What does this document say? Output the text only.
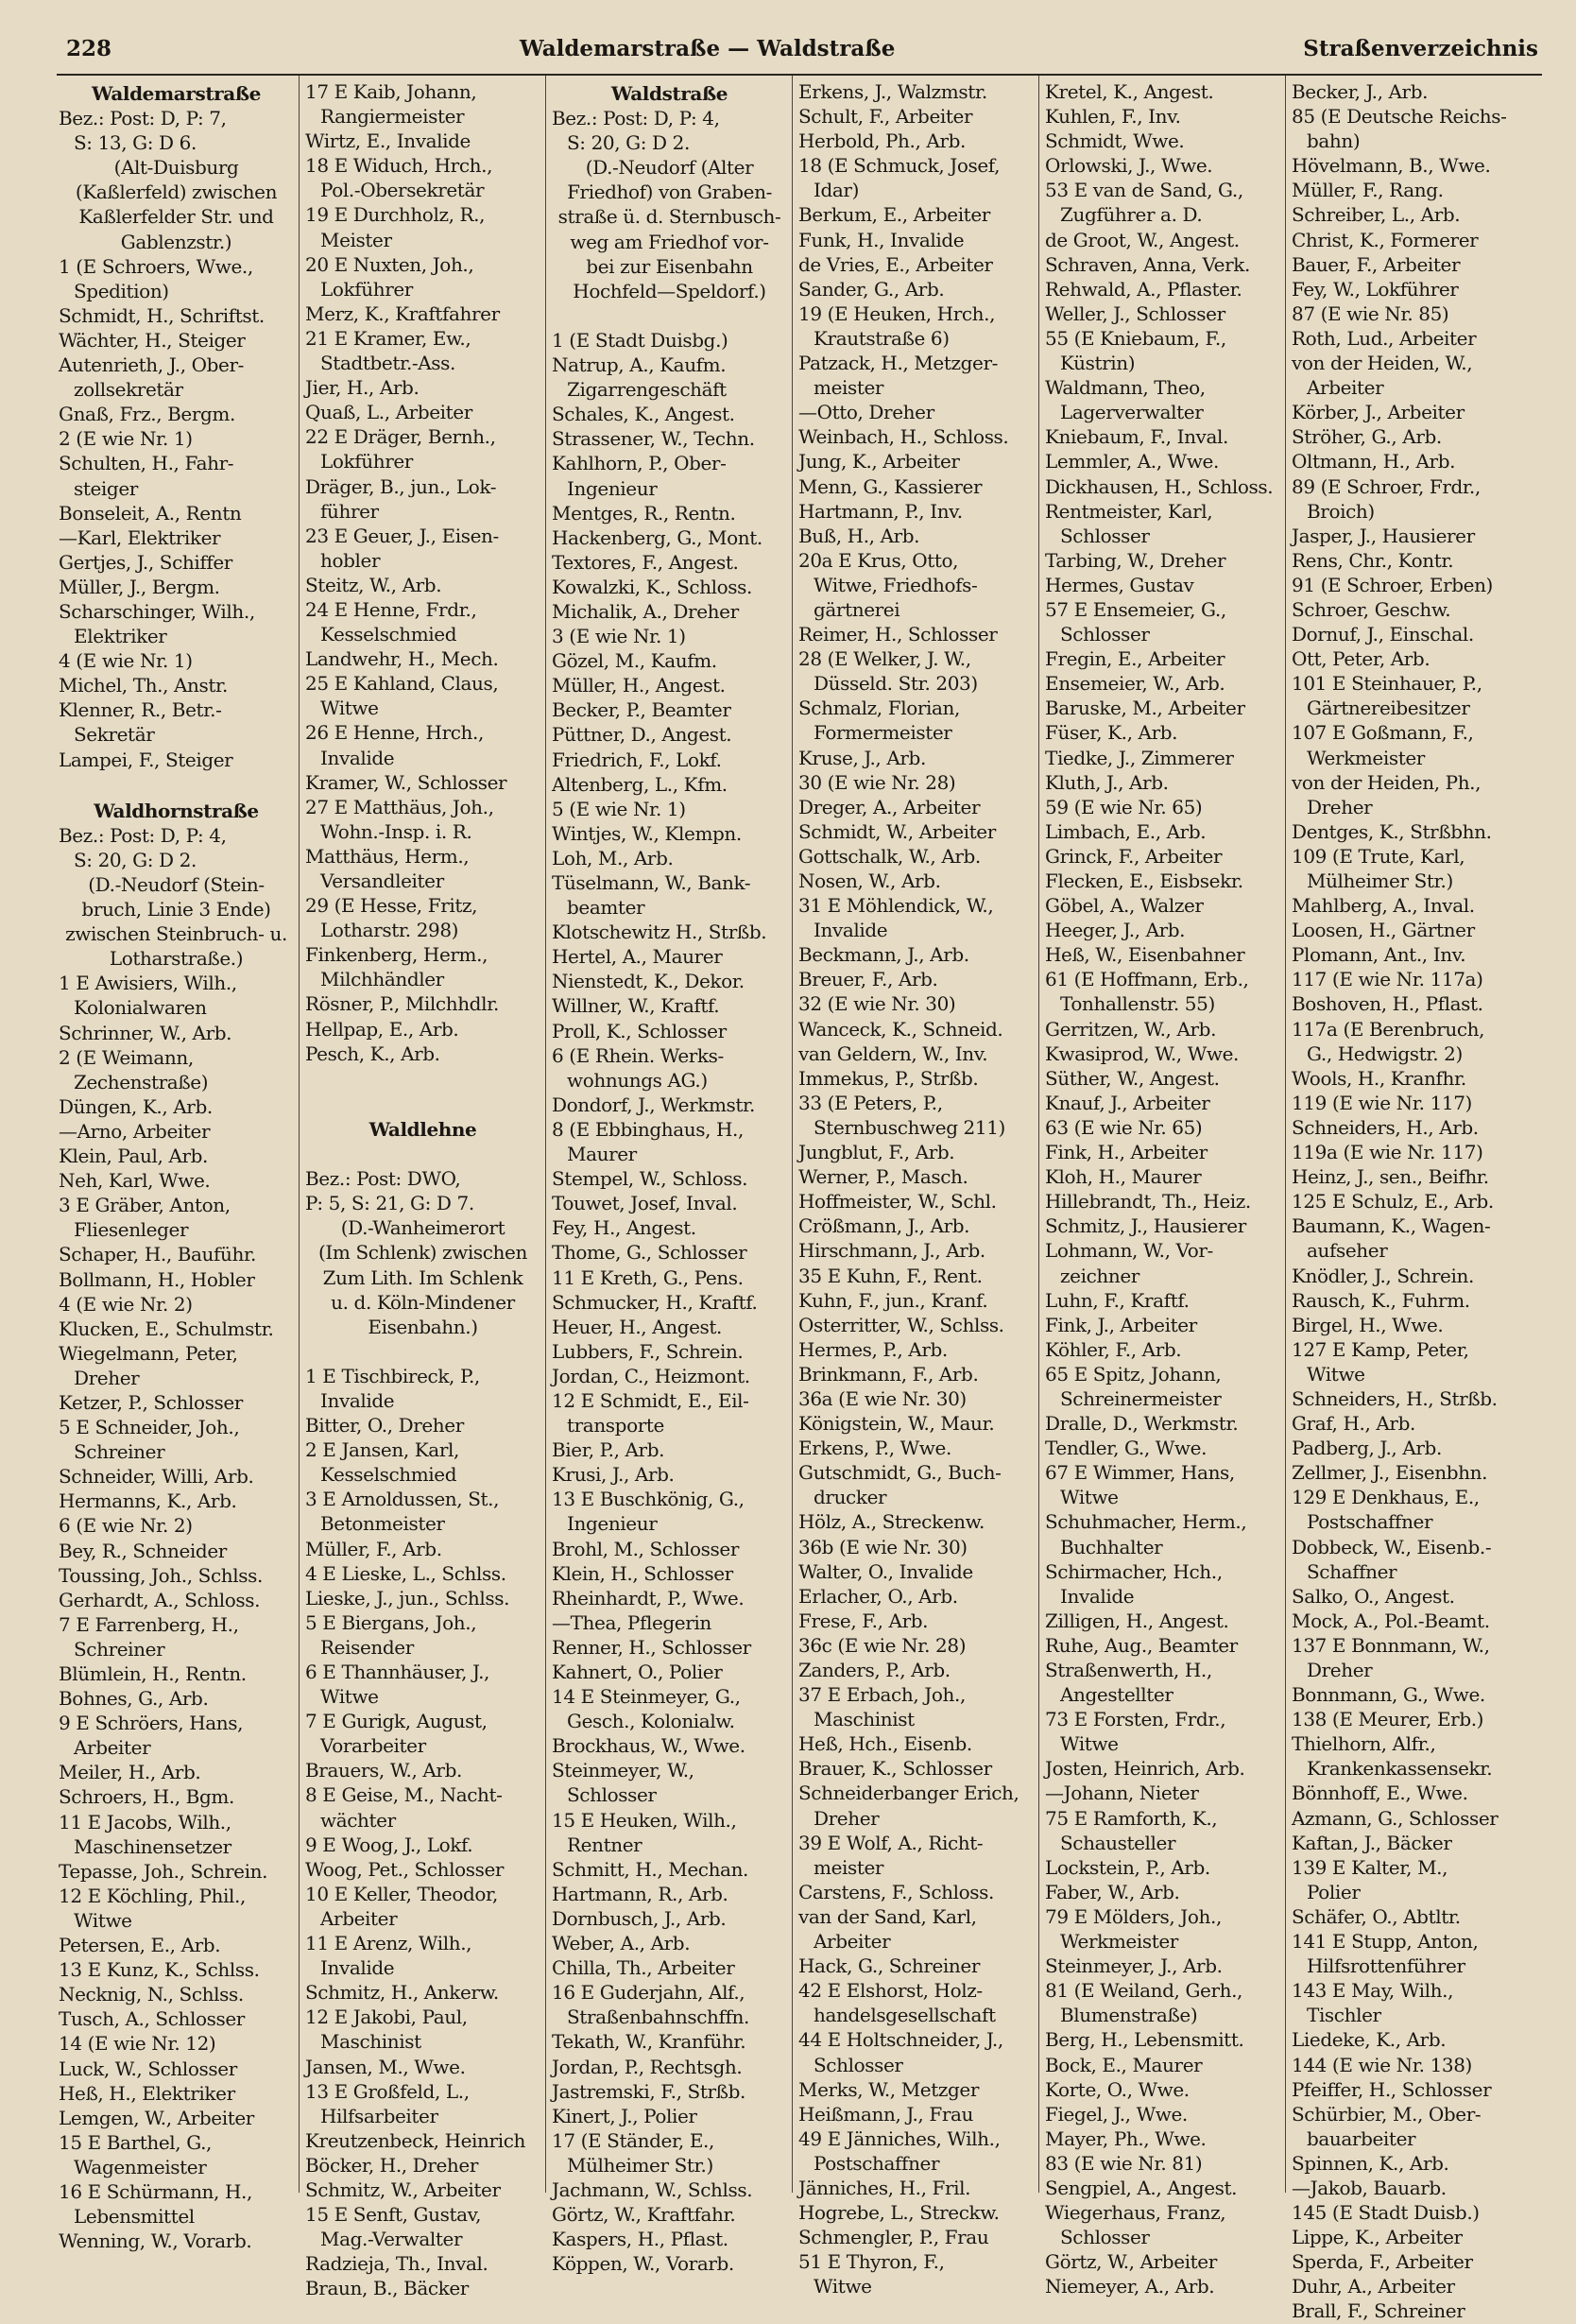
228	Waldemarstraße — Waldstraße	Straßenverzeichnis
Waldemarstraße
Bez.: Post: D, P: 7,
S: 13, G: D 6.
(Alt-Duisburg
(Kaßlerfeld) zwischen
Kaßlerfelder Str. und
Gablenzstr.)
1 (E Schroers, Wwe.,
Spedition)
Schmidt, H., Schriftst.
Wächter, H., Steiger
Autenrieth, J., Ober-
zollsekretär
Gnaß, Frz., Bergm.
2 (E wie Nr. 1)
Schulten, H., Fahr-
steiger
Bonseleit, A., Rentn
—Karl, Elektriker
Gertjes, J., Schiffer
Müller, J., Bergm.
Scharschinger, Wilh.,
Elektriker
4 (E wie Nr. 1)
Michel, Th., Anstr.
Klenner, R., Betr.-
Sekretär
Lampei, F., Steiger
Waldhornstraße
Bez.: Post: D, P: 4,
S: 20, G: D 2.
(D.-Neudorf (Stein-
bruch, Linie 3 Ende)
zwischen Steinbruch- u.
Lotharstraße.)
1 E Awisiers, Wilh.,
Kolonialwaren
Schrinner, W., Arb.
2 (E Weimann,
Zechenstraße)
Düngen, K., Arb.
—Arno, Arbeiter
Klein, Paul, Arb.
Neh, Karl, Wwe.
3 E Gräber, Anton,
Fliesenleger
Schaper, H., Bauführ.
Bollmann, H., Hobler
4 (E wie Nr. 2)
Klucken, E., Schulmstr.
Wiegelmann, Peter,
Dreher
Ketzer, P., Schlosser
5 E Schneider, Joh.,
Schreiner
Schneider, Willi, Arb.
Hermanns, K., Arb.
6 (E wie Nr. 2)
Bey, R., Schneider
Toussing, Joh., Schlss.
Gerhardt, A., Schloss.
7 E Farrenberg, H.,
Schreiner
Blümlein, H., Rentn.
Bohnes, G., Arb.
9 E Schröers, Hans,
Arbeiter
Meiler, H., Arb.
Schroers, H., Bgm.
11 E Jacobs, Wilh.,
Maschinensetzer
Tepasse, Joh., Schrein.
12 E Köchling, Phil.,
Witwe
Petersen, E., Arb.
13 E Kunz, K., Schlss.
Necknig, N., Schlss.
Tusch, A., Schlosser
14 (E wie Nr. 12)
Luck, W., Schlosser
Heß, H., Elektriker
Lemgen, W., Arbeiter
15 E Barthel, G.,
Wagenmeister
16 E Schürmann, H.,
Lebensmittel
Wenning, W., Vorarb.
17 E Kaib, Johann,
Rangiermeister
Wirtz, E., Invalide
18 E Widuch, Hrch.,
Pol.-Obersekretär
19 E Durchholz, R.,
Meister
20 E Nuxten, Joh.,
Lokführer
Merz, K., Kraftfahrer
21 E Kramer, Ew.,
Stadtbetr.-Ass.
Jier, H., Arb.
Quaß, L., Arbeiter
22 E Dräger, Bernh.,
Lokführer
Dräger, B., jun., Lok-
führer
23 E Geuer, J., Eisen-
hobler
Steitz, W., Arb.
24 E Henne, Frdr.,
Kesselschmied
Landwehr, H., Mech.
25 E Kahland, Claus,
Witwe
26 E Henne, Hrch.,
Invalide
Kramer, W., Schlosser
27 E Matthäus, Joh.,
Wohn.-Insp. i. R.
Matthäus, Herm.,
Versandleiter
29 (E Hesse, Fritz,
Lotharstr. 298)
Finkenberg, Herm.,
Milchhändler
Rösner, P., Milchhdlr.
Hellpap, E., Arb.
Pesch, K., Arb.
Waldlehne
Bez.: Post: DWO,
P: 5, S: 21, G: D 7.
(D.-Wanheimerort
(Im Schlenk) zwischen
Zum Lith. Im Schlenk
u. d. Köln-Mindener
Eisenbahn.)
1 E Tischbireck, P.,
Invalide
Bitter, O., Dreher
2 E Jansen, Karl,
Kesselschmied
3 E Arnoldussen, St.,
Betonmeister
Müller, F., Arb.
4 E Lieske, L., Schlss.
Lieske, J., jun., Schlss.
5 E Biergans, Joh.,
Reisender
6 E Thannhäuser, J.,
Witwe
7 E Gurigk, August,
Vorarbeiter
Brauers, W., Arb.
8 E Geise, M., Nacht-
wächter
9 E Woog, J., Lokf.
Woog, Pet., Schlosser
10 E Keller, Theodor,
Arbeiter
11 E Arenz, Wilh.,
Invalide
Schmitz, H., Ankerw.
12 E Jakobi, Paul,
Maschinist
Jansen, M., Wwe.
13 E Großfeld, L.,
Hilfsarbeiter
Kreutzenbeck, Heinrich
Böcker, H., Dreher
Schmitz, W., Arbeiter
15 E Senft, Gustav,
Mag.-Verwalter
Radzieja, Th., Inval.
Braun, B., Bäcker
Waldstraße
Bez.: Post: D, P: 4,
S: 20, G: D 2.
(D.-Neudorf (Alter
Friedhof) von Graben-
straße ü. d. Sternbusch-
weg am Friedhof vor-
bei zur Eisenbahn
Hochfeld—Speldorf.)
1 (E Stadt Duisbg.)
Natrup, A., Kaufm.
Zigarrengeschäft
Schales, K., Angest.
Strassener, W., Techn.
Kahlhorn, P., Ober-
Ingenieur
Mentges, R., Rentn.
Hackenberg, G., Mont.
Textores, F., Angest.
Kowalzki, K., Schloss.
Michalik, A., Dreher
3 (E wie Nr. 1)
Gözel, M., Kaufm.
Müller, H., Angest.
Becker, P., Beamter
Püttner, D., Angest.
Friedrich, F., Lokf.
Altenberg, L., Kfm.
5 (E wie Nr. 1)
Wintjes, W., Klempn.
Loh, M., Arb.
Tüselmann, W., Bank-
beamter
Klotschewitz H., Strßb.
Hertel, A., Maurer
Nienstedt, K., Dekor.
Willner, W., Kraftf.
Proll, K., Schlosser
6 (E Rhein. Werks-
wohnungs AG.)
Dondorf, J., Werkmstr.
8 (E Ebbinghaus, H.,
Maurer
Stempel, W., Schloss.
Touwet, Josef, Inval.
Fey, H., Angest.
Thome, G., Schlosser
11 E Kreth, G., Pens.
Schmucker, H., Kraftf.
Heuer, H., Angest.
Lubbers, F., Schrein.
Jordan, C., Heizmont.
12 E Schmidt, E., Eil-
transporte
Bier, P., Arb.
Krusi, J., Arb.
13 E Buschkönig, G.,
Ingenieur
Brohl, M., Schlosser
Klein, H., Schlosser
Rheinhardt, P., Wwe.
—Thea, Pflegerin
Renner, H., Schlosser
Kahnert, O., Polier
14 E Steinmeyer, G.,
Gesch., Kolonialw.
Brockhaus, W., Wwe.
Steinmeyer, W.,
Schlosser
15 E Heuken, Wilh.,
Rentner
Schmitt, H., Mechan.
Hartmann, R., Arb.
Dornbusch, J., Arb.
Weber, A., Arb.
Chilla, Th., Arbeiter
16 E Guderjahn, Alf.,
Straßenbahnschffn.
Tekath, W., Kranführ.
Jordan, P., Rechtsgh.
Jastremski, F., Strßb.
Kinert, J., Polier
17 (E Ständer, E.,
Mülheimer Str.)
Jachmann, W., Schlss.
Görtz, W., Kraftfahr.
Kaspers, H., Pflast.
Köppen, W., Vorarb.
Erkens, J., Walzmstr.
Schult, F., Arbeiter
Herbold, Ph., Arb.
18 (E Schmuck, Josef,
Idar)
Berkum, E., Arbeiter
Funk, H., Invalide
de Vries, E., Arbeiter
Sander, G., Arb.
19 (E Heuken, Hrch.,
Krautstraße 6)
Patzack, H., Metzger-
meister
—Otto, Dreher
Weinbach, H., Schloss.
Jung, K., Arbeiter
Menn, G., Kassierer
Hartmann, P., Inv.
Buß, H., Arb.
20a E Krus, Otto,
Witwe, Friedhofs-
gärtnerei
Reimer, H., Schlosser
28 (E Welker, J. W.,
Düsseld. Str. 203)
Schmalz, Florian,
Formermeister
Kruse, J., Arb.
30 (E wie Nr. 28)
Dreger, A., Arbeiter
Schmidt, W., Arbeiter
Gottschalk, W., Arb.
Nosen, W., Arb.
31 E Möhlendick, W.,
Invalide
Beckmann, J., Arb.
Breuer, F., Arb.
32 (E wie Nr. 30)
Wanceck, K., Schneid.
van Geldern, W., Inv.
Immekus, P., Strßb.
33 (E Peters, P.,
Sternbuschweg 211)
Jungblut, F., Arb.
Werner, P., Masch.
Hoffmeister, W., Schl.
Crößmann, J., Arb.
Hirschmann, J., Arb.
35 E Kuhn, F., Rent.
Kuhn, F., jun., Kranf.
Osterritter, W., Schlss.
Hermes, P., Arb.
Brinkmann, F., Arb.
36a (E wie Nr. 30)
Königstein, W., Maur.
Erkens, P., Wwe.
Gutschmidt, G., Buch-
drucker
Hölz, A., Streckenw.
36b (E wie Nr. 30)
Walter, O., Invalide
Erlacher, O., Arb.
Frese, F., Arb.
36c (E wie Nr. 28)
Zanders, P., Arb.
37 E Erbach, Joh.,
Maschinist
Heß, Hch., Eisenb.
Brauer, K., Schlosser
Schneiderbanger Erich,
Dreher
39 E Wolf, A., Richt-
meister
Carstens, F., Schloss.
van der Sand, Karl,
Arbeiter
Hack, G., Schreiner
42 E Elshorst, Holz-
handelsgesellschaft
44 E Holtschneider, J.,
Schlosser
Merks, W., Metzger
Heißmann, J., Frau
49 E Jänniches, Wilh.,
Postschaffner
Jänniches, H., Fril.
Hogrebe, L., Streckw.
Schmengler, P., Frau
51 E Thyron, F.,
Witwe
Kretel, K., Angest.
Kuhlen, F., Inv.
Schmidt, Wwe.
Orlowski, J., Wwe.
53 E van de Sand, G.,
Zugführer a. D.
de Groot, W., Angest.
Schraven, Anna, Verk.
Rehwald, A., Pflaster.
Weller, J., Schlosser
55 (E Kniebaum, F.,
Küstrin)
Waldmann, Theo,
Lagerverwalter
Kniebaum, F., Inval.
Lemmler, A., Wwe.
Dickhausen, H., Schloss.
Rentmeister, Karl,
Schlosser
Tarbing, W., Dreher
Hermes, Gustav
57 E Ensemeier, G.,
Schlosser
Fregin, E., Arbeiter
Ensemeier, W., Arb.
Baruske, M., Arbeiter
Füser, K., Arb.
Tiedke, J., Zimmerer
Kluth, J., Arb.
59 (E wie Nr. 65)
Limbach, E., Arb.
Grinck, F., Arbeiter
Flecken, E., Eisbsekr.
Göbel, A., Walzer
Heeger, J., Arb.
Heß, W., Eisenbahner
61 (E Hoffmann, Erb.,
Tonhallenstr. 55)
Gerritzen, W., Arb.
Kwasiprod, W., Wwe.
Süther, W., Angest.
Knauf, J., Arbeiter
63 (E wie Nr. 65)
Fink, H., Arbeiter
Kloh, H., Maurer
Hillebrandt, Th., Heiz.
Schmitz, J., Hausierer
Lohmann, W., Vor-
zeichner
Luhn, F., Kraftf.
Fink, J., Arbeiter
Köhler, F., Arb.
65 E Spitz, Johann,
Schreinermeister
Dralle, D., Werkmstr.
Tendler, G., Wwe.
67 E Wimmer, Hans,
Witwe
Schuhmacher, Herm.,
Buchhalter
Schirmacher, Hch.,
Invalide
Zilligen, H., Angest.
Ruhe, Aug., Beamter
Straßenwerth, H.,
Angestellter
73 E Forsten, Frdr.,
Witwe
Josten, Heinrich, Arb.
—Johann, Nieter
75 E Ramforth, K.,
Schausteller
Lockstein, P., Arb.
Faber, W., Arb.
79 E Mölders, Joh.,
Werkmeister
Steinmeyer, J., Arb.
81 (E Weiland, Gerh.,
Blumenstraße)
Berg, H., Lebensmitt.
Bock, E., Maurer
Korte, O., Wwe.
Fiegel, J., Wwe.
Mayer, Ph., Wwe.
83 (E wie Nr. 81)
Sengpiel, A., Angest.
Wiegerhaus, Franz,
Schlosser
Görtz, W., Arbeiter
Niemeyer, A., Arb.
Becker, J., Arb.
85 (E Deutsche Reichs-
bahn)
Hövelmann, B., Wwe.
Müller, F., Rang.
Schreiber, L., Arb.
Christ, K., Formerer
Bauer, F., Arbeiter
Fey, W., Lokführer
87 (E wie Nr. 85)
Roth, Lud., Arbeiter
von der Heiden, W.,
Arbeiter
Körber, J., Arbeiter
Ströher, G., Arb.
Oltmann, H., Arb.
89 (E Schroer, Frdr.,
Broich)
Jasper, J., Hausierer
Rens, Chr., Kontr.
91 (E Schroer, Erben)
Schroer, Geschw.
Dornuf, J., Einschal.
Ott, Peter, Arb.
101 E Steinhauer, P.,
Gärtnereibesitzer
107 E Goßmann, F.,
Werkmeister
von der Heiden, Ph.,
Dreher
Dentges, K., Strßbhn.
109 (E Trute, Karl,
Mülheimer Str.)
Mahlberg, A., Inval.
Loosen, H., Gärtner
Plomann, Ant., Inv.
117 (E wie Nr. 117a)
Boshoven, H., Pflast.
117a (E Berenbruch,
G., Hedwigstr. 2)
Wools, H., Kranfhr.
119 (E wie Nr. 117)
Schneiders, H., Arb.
119a (E wie Nr. 117)
Heinz, J., sen., Beifhr.
125 E Schulz, E., Arb.
Baumann, K., Wagen-
aufseher
Knödler, J., Schrein.
Rausch, K., Fuhrm.
Birgel, H., Wwe.
127 E Kamp, Peter,
Witwe
Schneiders, H., Strßb.
Graf, H., Arb.
Padberg, J., Arb.
Zellmer, J., Eisenbhn.
129 E Denkhaus, E.,
Postschaffner
Dobbeck, W., Eisenb.-
Schaffner
Salko, O., Angest.
Mock, A., Pol.-Beamt.
137 E Bonnmann, W.,
Dreher
Bonnmann, G., Wwe.
138 (E Meurer, Erb.)
Thielhorn, Alfr.,
Krankenkassensekr.
Bönnhoff, E., Wwe.
Azmann, G., Schlosser
Kaftan, J., Bäcker
139 E Kalter, M.,
Polier
Schäfer, O., Abtltr.
141 E Stupp, Anton,
Hilfsrottenführer
143 E May, Wilh.,
Tischler
Liedeke, K., Arb.
144 (E wie Nr. 138)
Pfeiffer, H., Schlosser
Schürbier, M., Ober-
bauarbeiter
Spinnen, K., Arb.
—Jakob, Bauarb.
145 (E Stadt Duisb.)
Lippe, K., Arbeiter
Sperda, F., Arbeiter
Duhr, A., Arbeiter
Brall, F., Schreiner
